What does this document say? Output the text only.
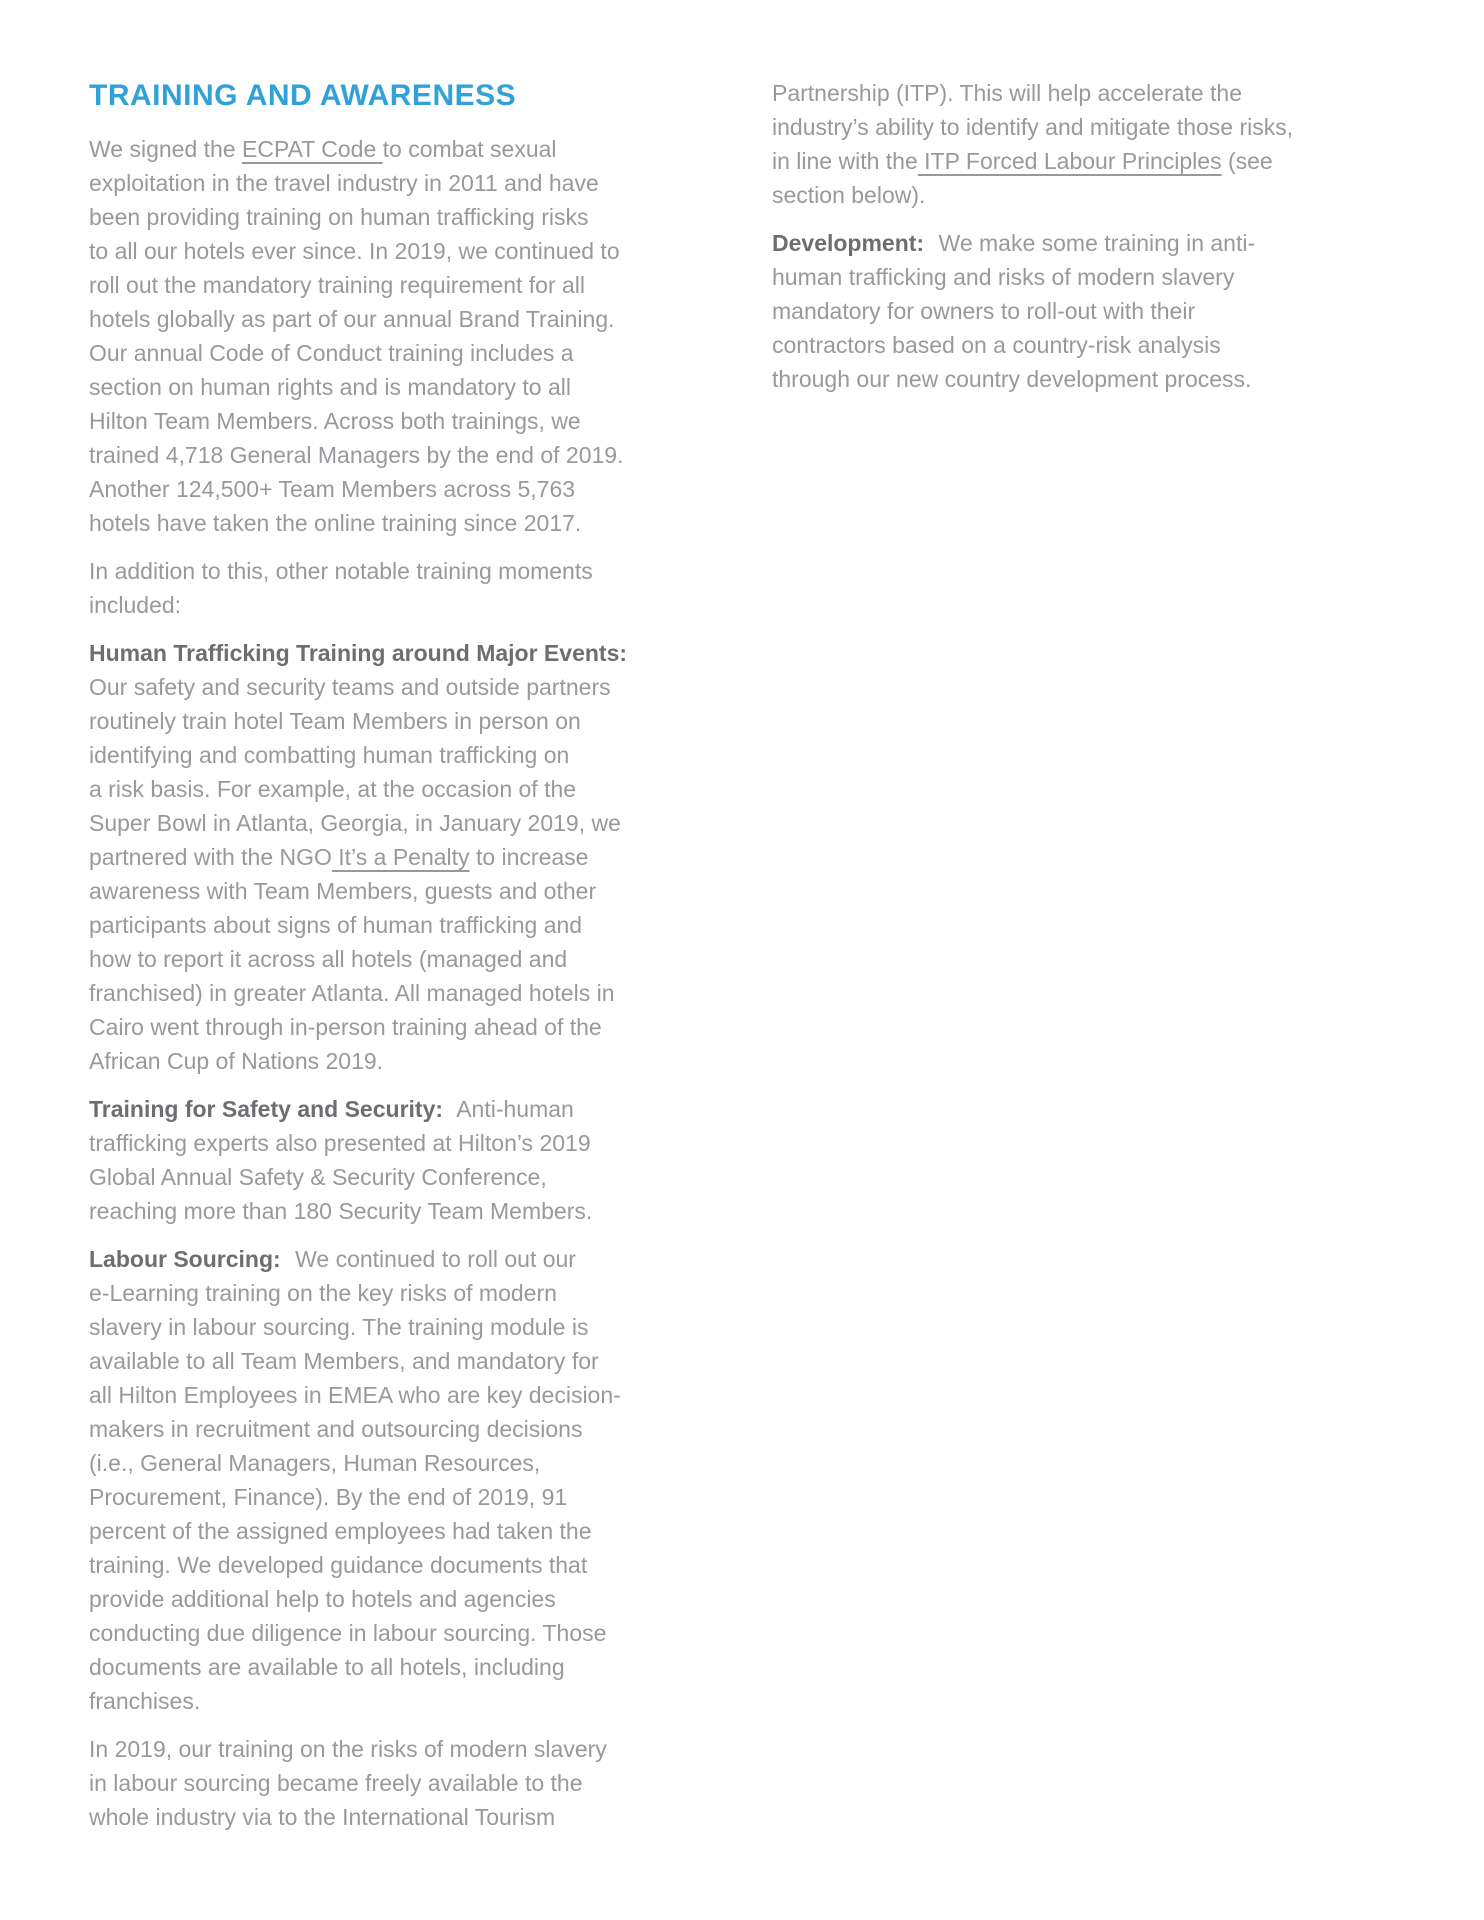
TRAINING AND AWARENESS

We signed the ECPAT Code to combat sexual
exploitation in the travel industry in 2011 and have
been providing training on human trafficking risks
to all our hotels ever since. In 2019, we continued to
roll out the mandatory training requirement for all
hotels globally as part of our annual Brand Training.
Our annual Code of Conduct training includes a
section on human rights and is mandatory to all
Hilton Team Members. Across both trainings, we
trained 4,718 General Managers by the end of 2019.
Another 124,500+ Team Members across 5,763
hotels have taken the online training since 2017.

In addition to this, other notable training moments
included:

Human Trafficking Training around Major Events:
Our safety and security teams and outside partners
routinely train hotel Team Members in person on
identifying and combatting human trafficking on
a risk basis. For example, at the occasion of the
Super Bowl in Atlanta, Georgia, in January 2019, we
partnered with the NGO It’s a Penalty to increase
awareness with Team Members, guests and other
participants about signs of human trafficking and
how to report it across all hotels (managed and
franchised) in greater Atlanta. All managed hotels in
Cairo went through in-person training ahead of the
African Cup of Nations 2019.

Training for Safety and Security: Anti-human
trafficking experts also presented at Hilton’s 2019
Global Annual Safety & Security Conference,
reaching more than 180 Security Team Members.

Labour Sourcing: We continued to roll out our
e-Learning training on the key risks of modern
slavery in labour sourcing. The training module is
available to all Team Members, and mandatory for
all Hilton Employees in EMEA who are key decision-
makers in recruitment and outsourcing decisions
(i.e., General Managers, Human Resources,
Procurement, Finance). By the end of 2019, 91
percent of the assigned employees had taken the
training. We developed guidance documents that
provide additional help to hotels and agencies
conducting due diligence in labour sourcing. Those
documents are available to all hotels, including
franchises.

In 2019, our training on the risks of modern slavery
in labour sourcing became freely available to the
whole industry via to the International Tourism

Partnership (ITP). This will help accelerate the
industry’s ability to identify and mitigate those risks,
in line with the ITP Forced Labour Principles (see
section below).

Development: We make some training in anti-
human trafficking and risks of modern slavery
mandatory for owners to roll-out with their
contractors based on a country-risk analysis
through our new country development process.
